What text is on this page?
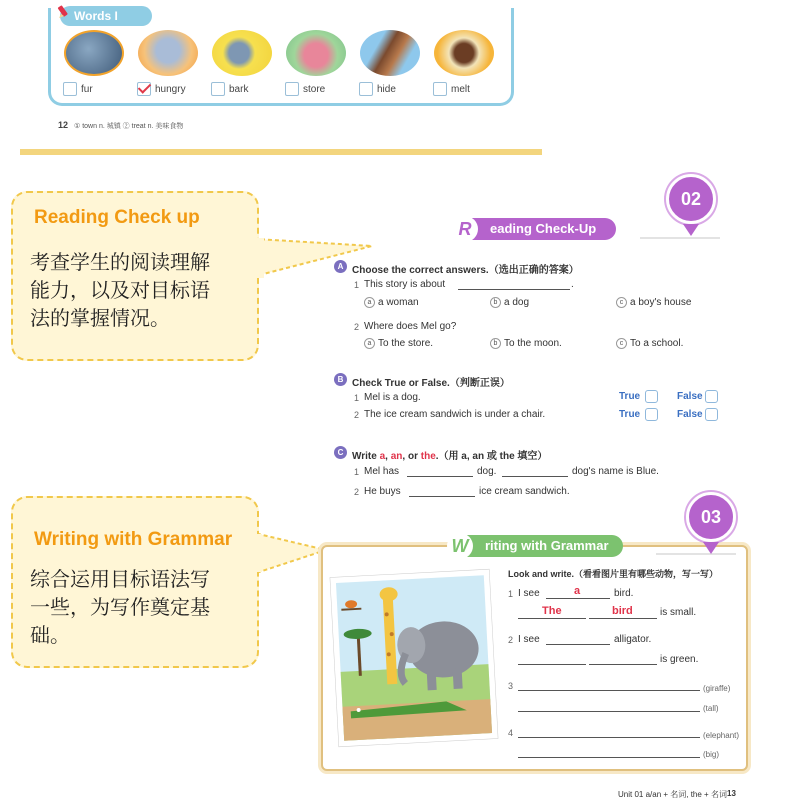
Words I
fur	hungry	bark	store	hide	melt
12 ① town n. 城镇 ② treat n. 美味食物
Reading Check up
考查学生的阅读理解
能力，以及对目标语
法的掌握情况。
Writing with Grammar
综合运用目标语法写
一些，为写作奠定基
础。
02
eading Check-Up
R
A Choose the correct answers.（选出正确的答案）
1 This story is about	.
a a woman	b a dog	c a boy's house
2 Where does Mel go?
a To the store.	b To the moon.	c To a school.
B Check True or False.（判断正误）
1 Mel is a dog.	True	False
2 The ice cream sandwich is under a chair.	True	False
C Write a, an, or the.（用 a, an 或 the 填空）
1 Mel has	dog.	dog's name is Blue.
2 He buys	ice cream sandwich.
03
riting with Grammar
W
Look and write.（看看图片里有哪些动物，写一写）
1 I see	a	bird.
The	bird	is small.
2 I see	alligator.
is green.
3	(giraffe)
(tall)
4	(elephant)
(big)
Unit 01 a/an + 名词, the + 名词 13
